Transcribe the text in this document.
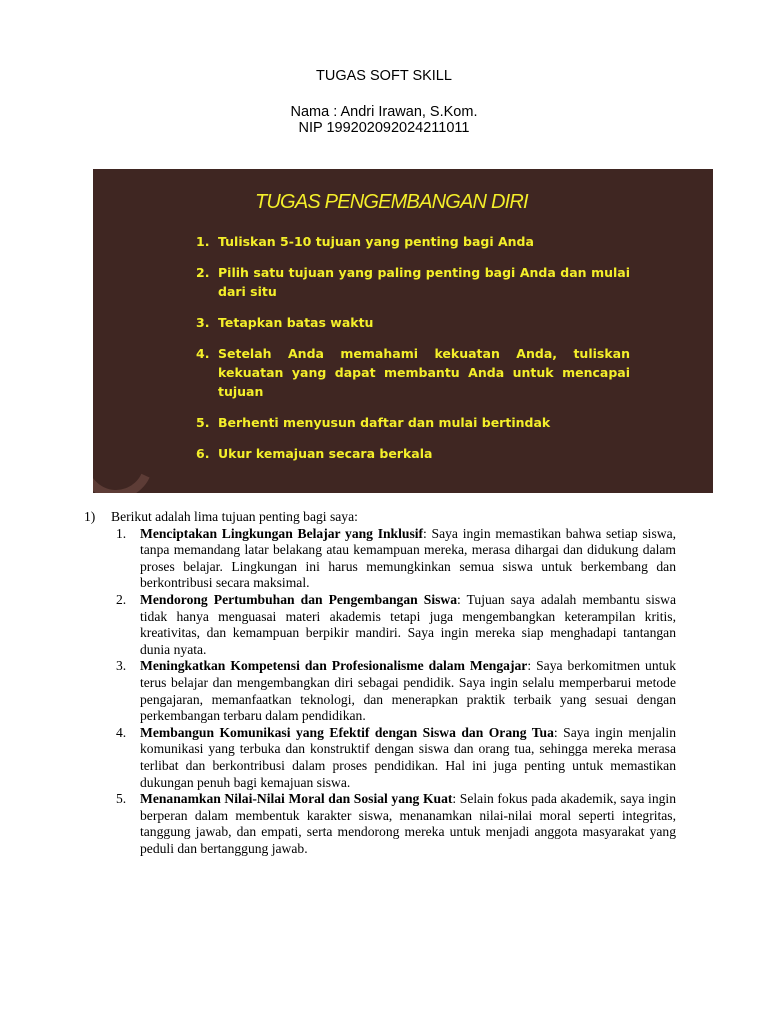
TUGAS SOFT SKILL
Nama : Andri Irawan, S.Kom.
NIP 199202092024211011
TUGAS PENGEMBANGAN DIRI
1. Tuliskan 5-10 tujuan yang penting bagi Anda
2. Pilih satu tujuan yang paling penting bagi Anda dan mulai dari situ
3. Tetapkan batas waktu
4. Setelah Anda memahami kekuatan Anda, tuliskan kekuatan yang dapat membantu Anda untuk mencapai tujuan
5. Berhenti menyusun daftar dan mulai bertindak
6. Ukur kemajuan secara berkala

1) Berikut adalah lima tujuan penting bagi saya:

1. Menciptakan Lingkungan Belajar yang Inklusif: Saya ingin memastikan bahwa setiap siswa, tanpa memandang latar belakang atau kemampuan mereka, merasa dihargai dan didukung dalam proses belajar. Lingkungan ini harus memungkinkan semua siswa untuk berkembang dan berkontribusi secara maksimal.
2. Mendorong Pertumbuhan dan Pengembangan Siswa: Tujuan saya adalah membantu siswa tidak hanya menguasai materi akademis tetapi juga mengembangkan keterampilan kritis, kreativitas, dan kemampuan berpikir mandiri. Saya ingin mereka siap menghadapi tantangan dunia nyata.
3. Meningkatkan Kompetensi dan Profesionalisme dalam Mengajar: Saya berkomitmen untuk terus belajar dan mengembangkan diri sebagai pendidik. Saya ingin selalu memperbarui metode pengajaran, memanfaatkan teknologi, dan menerapkan praktik terbaik yang sesuai dengan perkembangan terbaru dalam pendidikan.
4. Membangun Komunikasi yang Efektif dengan Siswa dan Orang Tua: Saya ingin menjalin komunikasi yang terbuka dan konstruktif dengan siswa dan orang tua, sehingga mereka merasa terlibat dan berkontribusi dalam proses pendidikan. Hal ini juga penting untuk memastikan dukungan penuh bagi kemajuan siswa.
5. Menanamkan Nilai-Nilai Moral dan Sosial yang Kuat: Selain fokus pada akademik, saya ingin berperan dalam membentuk karakter siswa, menanamkan nilai-nilai moral seperti integritas, tanggung jawab, dan empati, serta mendorong mereka untuk menjadi anggota masyarakat yang peduli dan bertanggung jawab.
